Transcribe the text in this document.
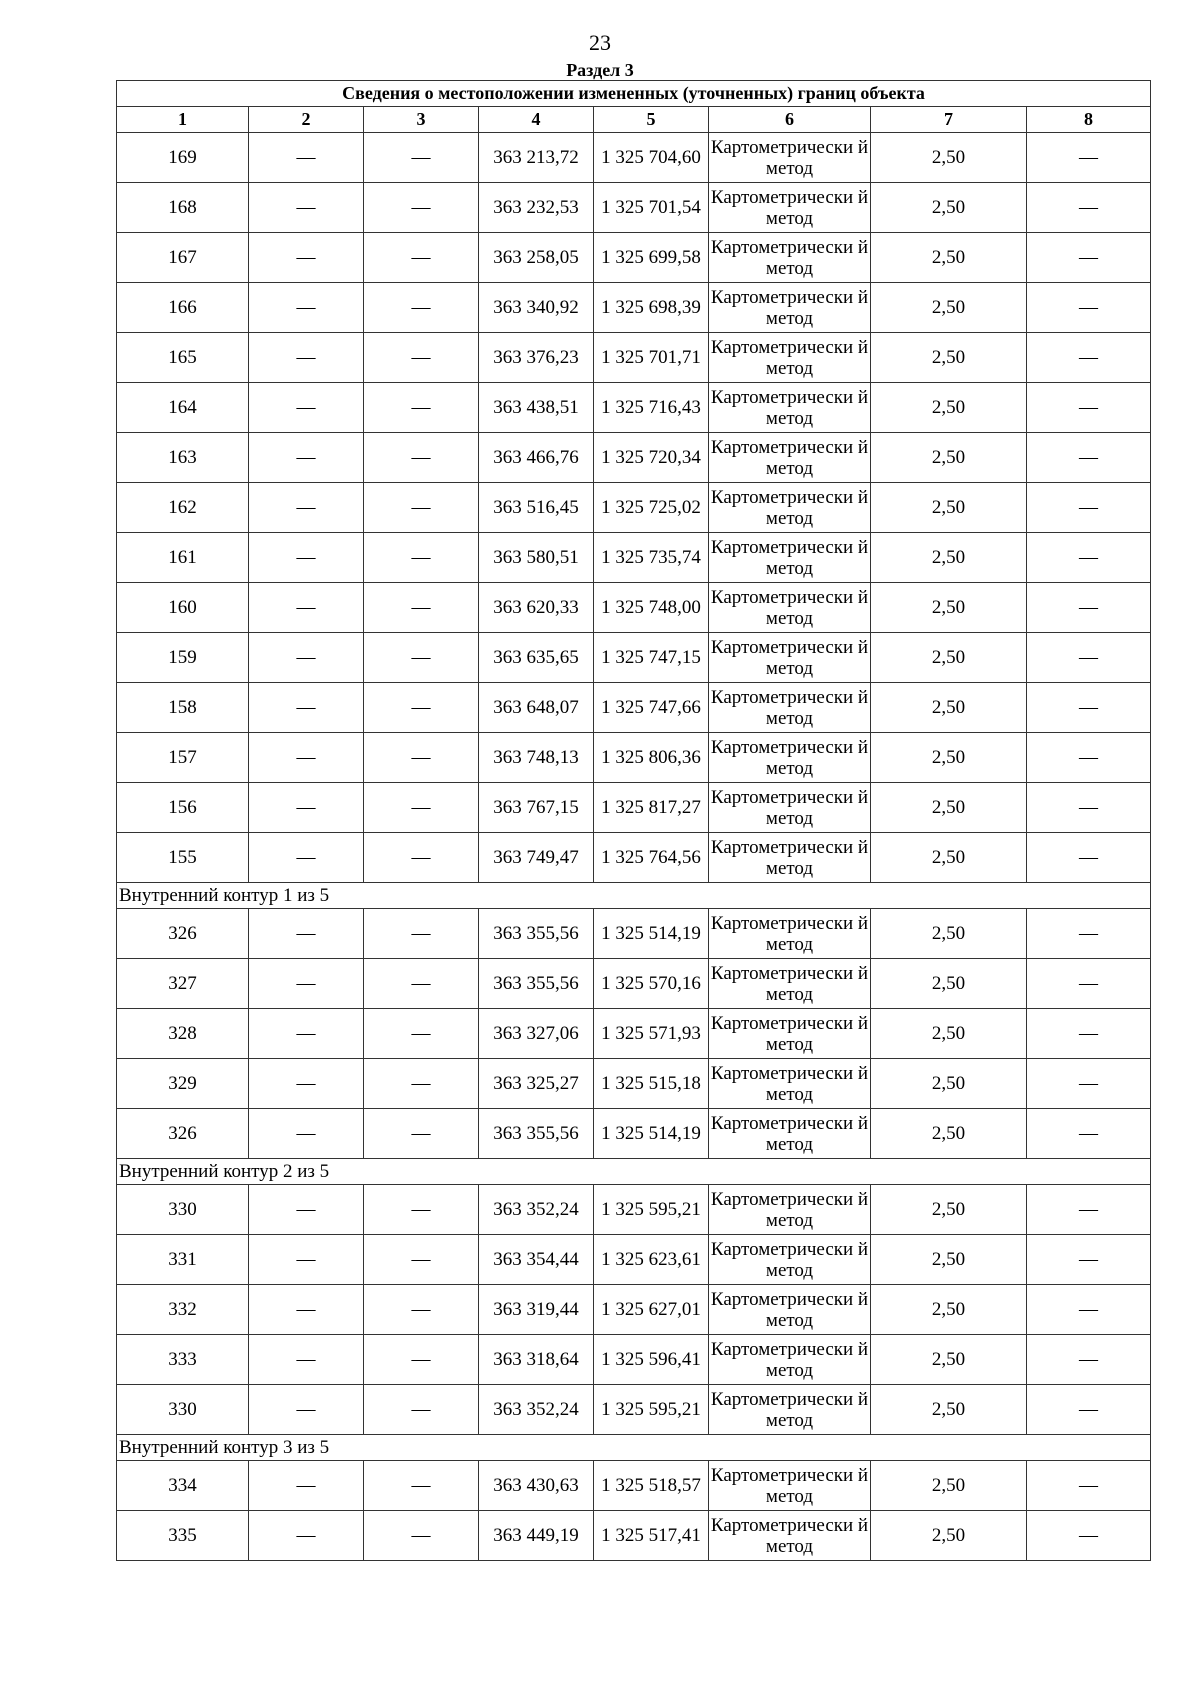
23
Раздел 3
Сведения о местоположении измененных (уточненных) границ объекта							
1	2	3	4	5	6	7	8
169	—	—	363 213,72	1 325 704,60	Картометрически й метод	2,50	—
168	—	—	363 232,53	1 325 701,54	Картометрически й метод	2,50	—
167	—	—	363 258,05	1 325 699,58	Картометрически й метод	2,50	—
166	—	—	363 340,92	1 325 698,39	Картометрически й метод	2,50	—
165	—	—	363 376,23	1 325 701,71	Картометрически й метод	2,50	—
164	—	—	363 438,51	1 325 716,43	Картометрически й метод	2,50	—
163	—	—	363 466,76	1 325 720,34	Картометрически й метод	2,50	—
162	—	—	363 516,45	1 325 725,02	Картометрически й метод	2,50	—
161	—	—	363 580,51	1 325 735,74	Картометрически й метод	2,50	—
160	—	—	363 620,33	1 325 748,00	Картометрически й метод	2,50	—
159	—	—	363 635,65	1 325 747,15	Картометрически й метод	2,50	—
158	—	—	363 648,07	1 325 747,66	Картометрически й метод	2,50	—
157	—	—	363 748,13	1 325 806,36	Картометрически й метод	2,50	—
156	—	—	363 767,15	1 325 817,27	Картометрически й метод	2,50	—
155	—	—	363 749,47	1 325 764,56	Картометрически й метод	2,50	—
Внутренний контур 1 из 5							
326	—	—	363 355,56	1 325 514,19	Картометрически й метод	2,50	—
327	—	—	363 355,56	1 325 570,16	Картометрически й метод	2,50	—
328	—	—	363 327,06	1 325 571,93	Картометрически й метод	2,50	—
329	—	—	363 325,27	1 325 515,18	Картометрически й метод	2,50	—
326	—	—	363 355,56	1 325 514,19	Картометрически й метод	2,50	—
Внутренний контур 2 из 5							
330	—	—	363 352,24	1 325 595,21	Картометрически й метод	2,50	—
331	—	—	363 354,44	1 325 623,61	Картометрически й метод	2,50	—
332	—	—	363 319,44	1 325 627,01	Картометрически й метод	2,50	—
333	—	—	363 318,64	1 325 596,41	Картометрически й метод	2,50	—
330	—	—	363 352,24	1 325 595,21	Картометрически й метод	2,50	—
Внутренний контур 3 из 5							
334	—	—	363 430,63	1 325 518,57	Картометрически й метод	2,50	—
335	—	—	363 449,19	1 325 517,41	Картометрически й метод	2,50	—
